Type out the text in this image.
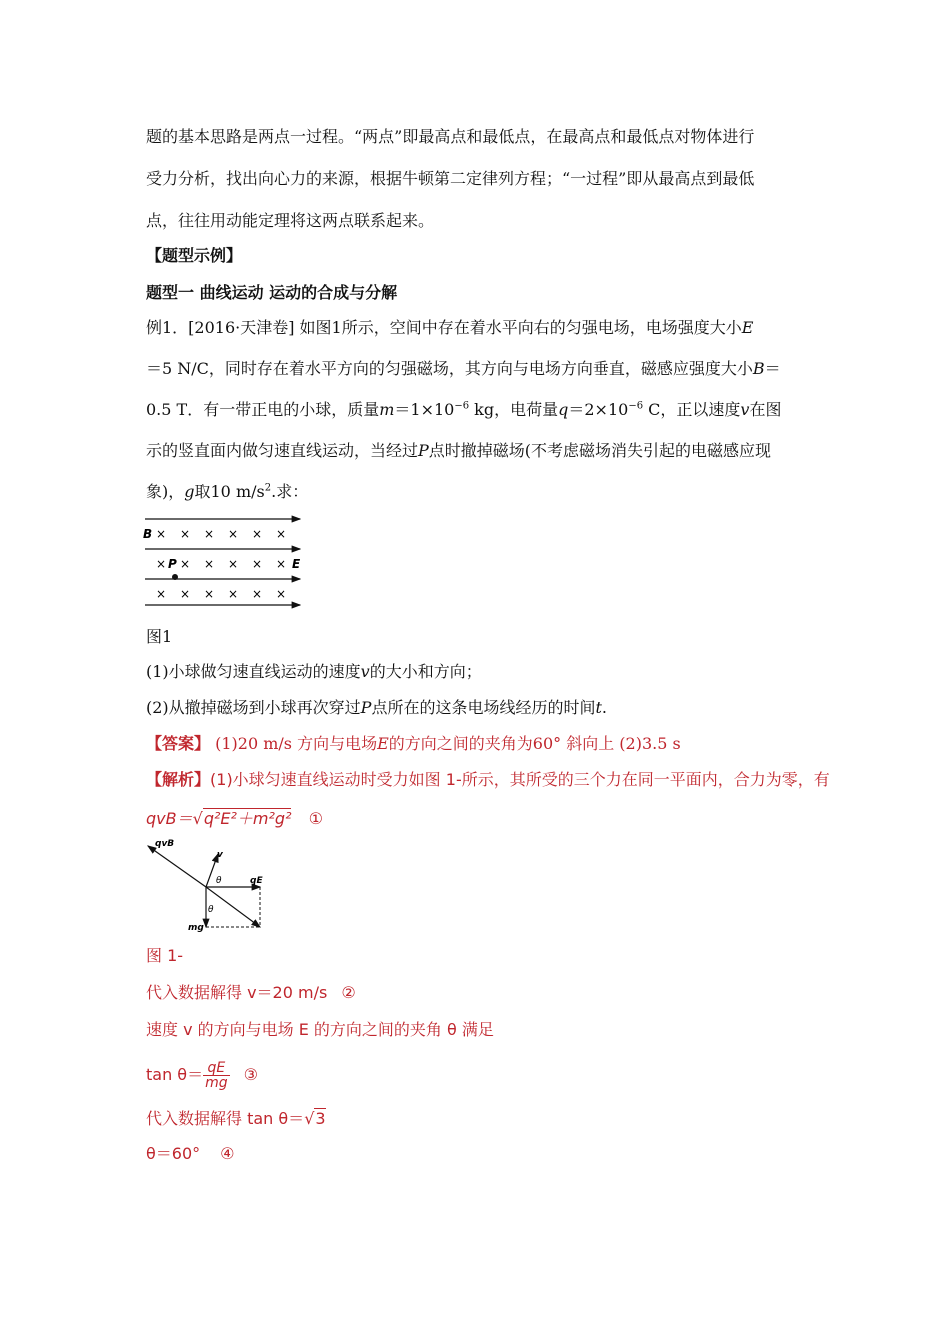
题的基本思路是两点一过程。“两点”即最高点和最低点，在最高点和最低点对物体进行
受力分析，找出向心力的来源，根据牛顿第二定律列方程；“一过程”即从最高点到最低
点，往往用动能定理将这两点联系起来。
【题型示例】
题型一 曲线运动 运动的合成与分解
例1．[2016·天津卷] 如图1所示，空间中存在着水平向右的匀强电场，电场强度大小E
＝5 N/C，同时存在着水平方向的匀强磁场，其方向与电场方向垂直，磁感应强度大小B＝
0.5 T．有一带正电的小球，质量$m=1\times 10^{-6}$ kg，电荷量$q=2\times 10^{-6}$ C，正以速度v在图
示的竖直面内做匀速直线运动，当经过P点时撤掉磁场(不考虑磁场消失引起的电磁感应现
象)，g取10 $m/s^2$.求：
B × × × × × ×
× × × × × ×
P	E
× × × × × ×
图1
(1)小球做匀速直线运动的速度v的大小和方向；
(2)从撤掉磁场到小球再次穿过P点所在的这条电场线经历的时间t.
【答案】 (1)20 m/s 方向与电场E的方向之间的夹角为60° 斜向上 (2)3.5 s
【解析】(1)小球匀速直线运动时受力如图 1-所示，其所受的三个力在同一平面内，合力为零，有
qvB＝√q²E²＋m²g² ①
qvB
v
θ	qE
θ
mg
图 1-
代入数据解得 v＝20 m/s ②
速度 v 的方向与电场 E 的方向之间的夹角 θ 满足
$\tan \theta= \frac{qE}{mg}$ ③
代入数据解得 tan θ＝√3
θ＝60° ④
